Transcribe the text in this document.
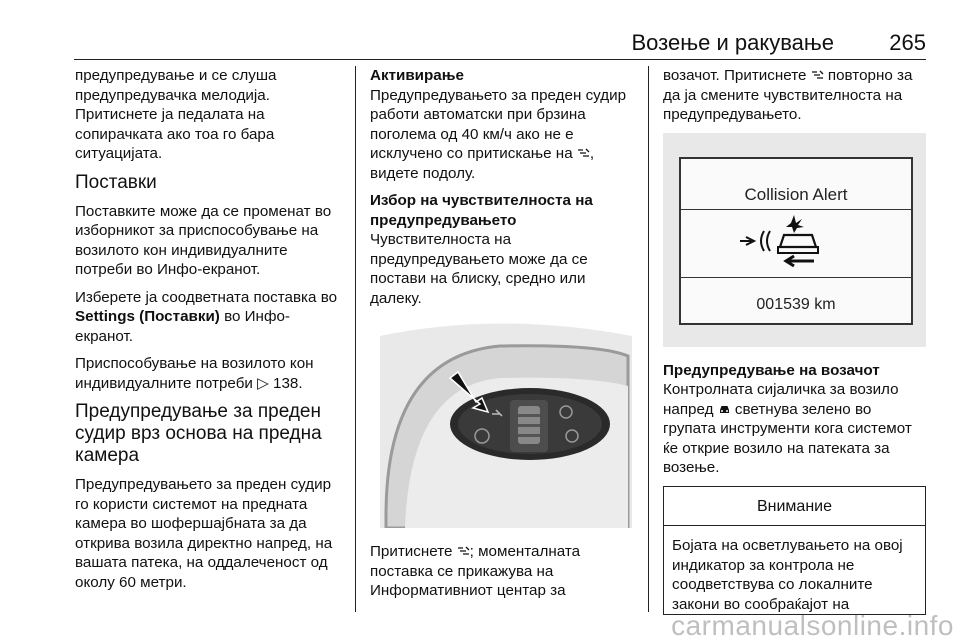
Возење и ракување	265

предупредување и се слуша предупредувачка мелодија. Притиснете ја педалата на сопирачката ако тоа го бара ситуацијата.

Поставки

Поставките може да се променат во изборникот за приспособување на возилото кон индивидуалните потреби во Инфо-екранот.

Изберете ја соодветната поставка во Settings (Поставки) во Инфо-екранот.

Приспособување на возилото кон индивидуалните потреби ▷ 138.

Предупредување за преден судир врз основа на предна камера

Предупредувањето за преден судир го користи системот на предната камера во шофершајбната за да открива возила директно напред, на вашата патека, на оддалеченост од околу 60 метри.

Активирање

Предупредувањето за преден судир работи автоматски при брзина поголема од 40 км/ч ако не е исклучено со притискање на , видете подолу.

Избор на чувствителноста на предупредувањето

Чувствителноста на предупредувањето може да се постави на блиску, средно или далеку.

Притиснете ; моменталната поставка се прикажува на Информативниот центар за

возачот. Притиснете  повторно за да ја смените чувствителноста на предупредувањето.

Collision Alert
001539 km

Предупредување на возачот

Контролната сијаличка за возило напред  светнува зелено во групата инструменти кога системот ќе открие возило на патеката за возење.

Внимание
Бојата на осветлувањето на овој индикатор за контрола не соодветствува со локалните закони во сообраќајот на
carmanualsonline.info
